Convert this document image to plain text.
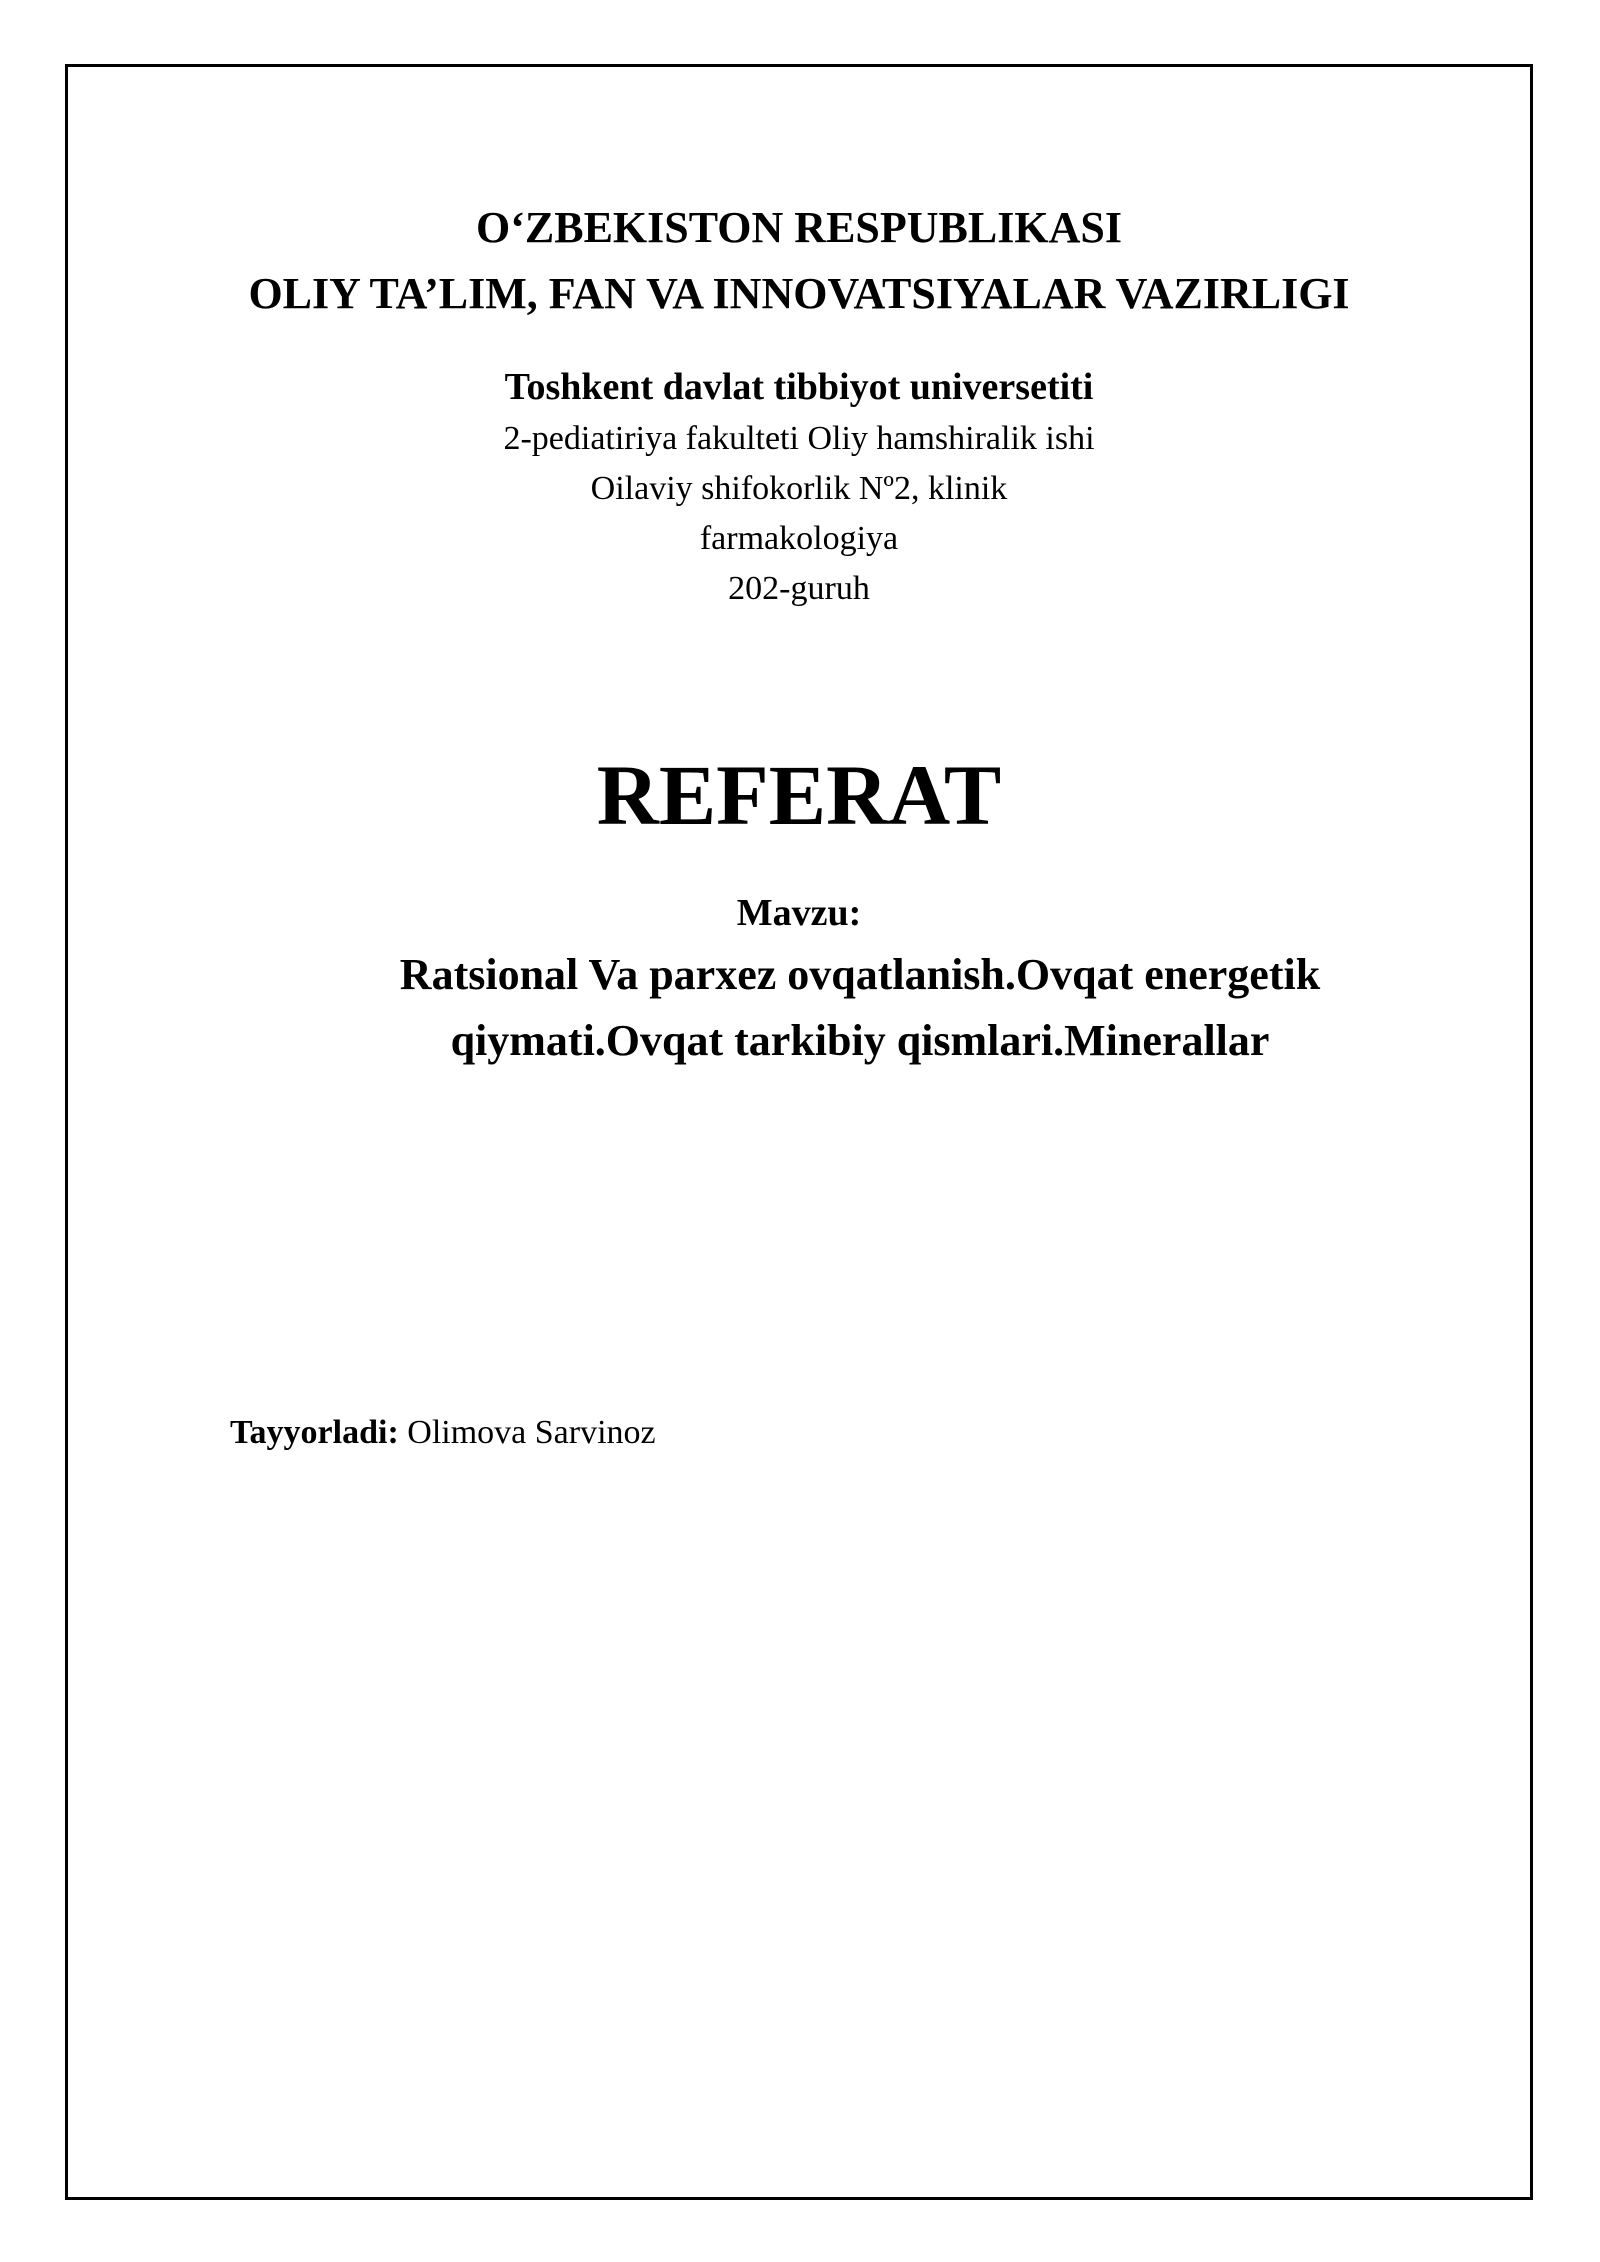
O‘ZBEKISTON RESPUBLIKASI
OLIY TA’LIM, FAN VA INNOVATSIYALAR VAZIRLIGI
Toshkent davlat tibbiyot universetiti
2-pediatiriya fakulteti Oliy hamshiralik ishi
Oilaviy shifokorlik Nº2, klinik
farmakologiya
202-guruh
REFERAT
Mavzu:
Ratsional Va parxez ovqatlanish.Ovqat energetik
qiymati.Ovqat tarkibiy qismlari.Minerallar
Tayyorladi: Olimova Sarvinoz
